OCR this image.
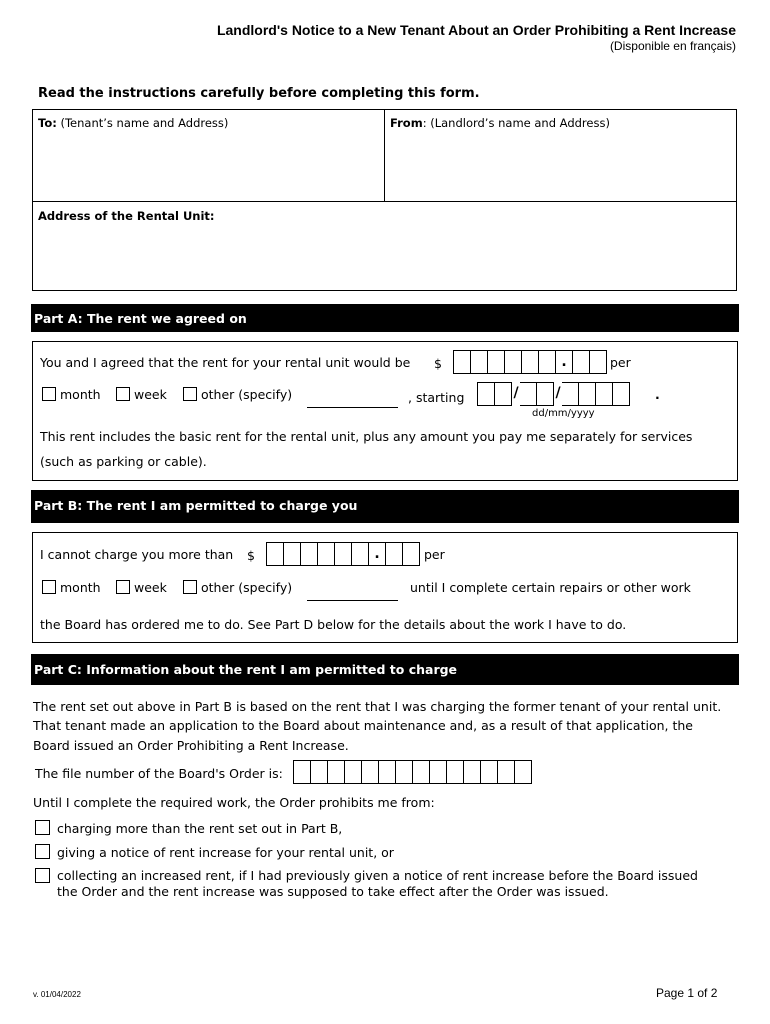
Landlord's Notice to a New Tenant About an Order Prohibiting a Rent Increase
(Disponible en français)
Read the instructions carefully before completing this form.
To: (Tenant’s name and Address)	From: (Landlord’s name and Address)
Address of the Rental Unit:
Part A: The rent we agreed on
You and I agreed that the rent for your rental unit would be $	.	per
month	week	other (specify)	, starting	/	/	.
dd/mm/yyyy
This rent includes the basic rent for the rental unit, plus any amount you pay me separately for services
(such as parking or cable).
Part B: The rent I am permitted to charge you
I cannot charge you more than $	.	per
month	week	other (specify)	until I complete certain repairs or other work
the Board has ordered me to do. See Part D below for the details about the work I have to do.
Part C: Information about the rent I am permitted to charge
The rent set out above in Part B is based on the rent that I was charging the former tenant of your rental unit.
That tenant made an application to the Board about maintenance and, as a result of that application, the
Board issued an Order Prohibiting a Rent Increase.
The file number of the Board's Order is:
Until I complete the required work, the Order prohibits me from:
charging more than the rent set out in Part B,
giving a notice of rent increase for your rental unit, or
collecting an increased rent, if I had previously given a notice of rent increase before the Board issued
the Order and the rent increase was supposed to take effect after the Order was issued.
v. 01/04/2022	Page 1 of 2
